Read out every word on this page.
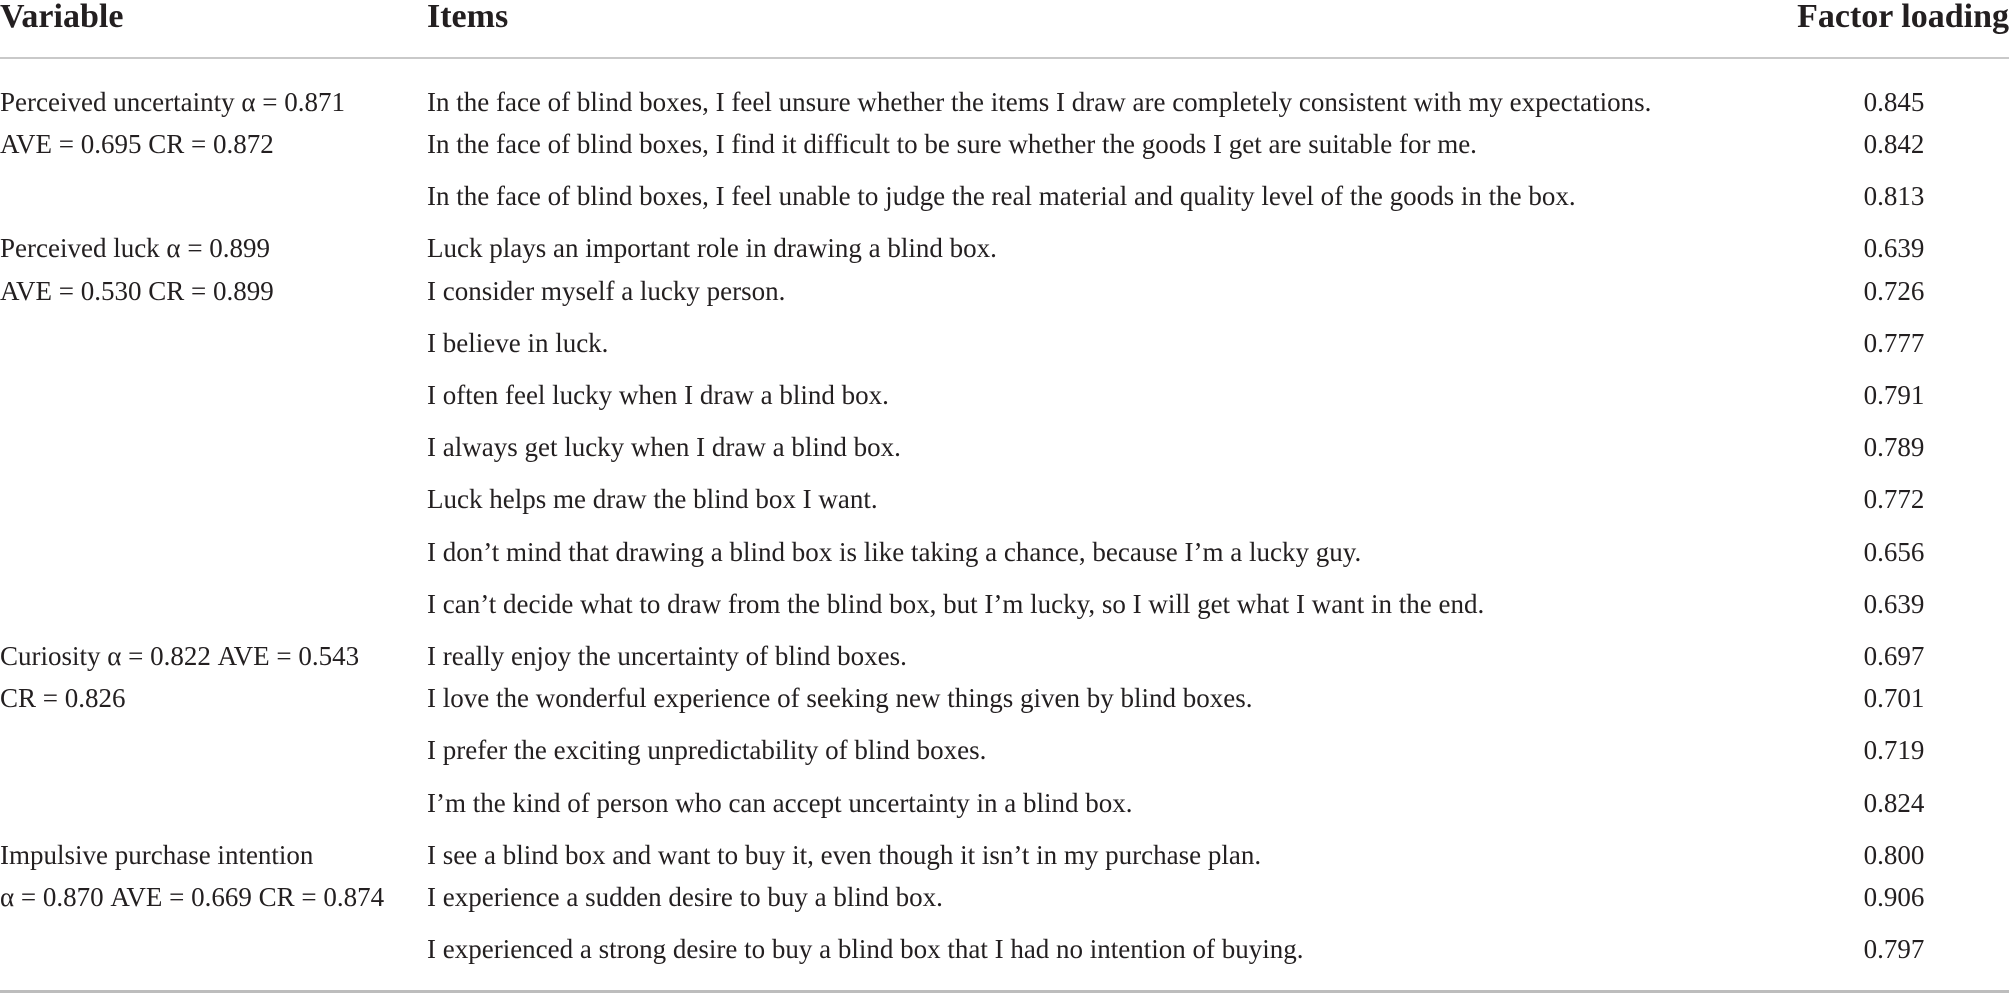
Variable	Items	Factor loading
Perceived uncertainty α = 0.871
AVE = 0.695 CR = 0.872
In the face of blind boxes, I feel unsure whether the items I draw are completely consistent with my expectations.	0.845
In the face of blind boxes, I find it difficult to be sure whether the goods I get are suitable for me.	0.842
In the face of blind boxes, I feel unable to judge the real material and quality level of the goods in the box.	0.813
Perceived luck α = 0.899
AVE = 0.530 CR = 0.899
Luck plays an important role in drawing a blind box.	0.639
I consider myself a lucky person.	0.726
I believe in luck.	0.777
I often feel lucky when I draw a blind box.	0.791
I always get lucky when I draw a blind box.	0.789
Luck helps me draw the blind box I want.	0.772
I don’t mind that drawing a blind box is like taking a chance, because I’m a lucky guy.	0.656
I can’t decide what to draw from the blind box, but I’m lucky, so I will get what I want in the end.	0.639
Curiosity α = 0.822 AVE = 0.543
CR = 0.826
I really enjoy the uncertainty of blind boxes.	0.697
I love the wonderful experience of seeking new things given by blind boxes.	0.701
I prefer the exciting unpredictability of blind boxes.	0.719
I’m the kind of person who can accept uncertainty in a blind box.	0.824
Impulsive purchase intention
α = 0.870 AVE = 0.669 CR = 0.874
I see a blind box and want to buy it, even though it isn’t in my purchase plan.	0.800
I experience a sudden desire to buy a blind box.	0.906
I experienced a strong desire to buy a blind box that I had no intention of buying.	0.797
